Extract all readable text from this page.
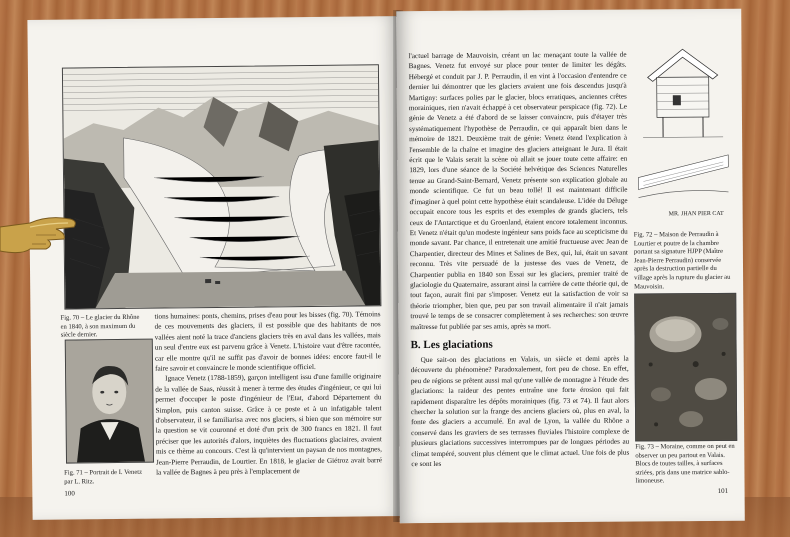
Fig. 70 – Le glacier du Rhône en 1840, à son maximum du siècle dernier.

tions humaines: ponts, chemins, prises d'eau pour les bisses (fig. 70). Témoins de ces mouvements des glaciers, il est possible que des habitants de nos vallées aient noté la trace d'anciens glaciers très en aval dans les vallées, mais un seul d'entre eux est parvenu grâce à Venetz. L'histoire vaut d'être racontée, car elle montre qu'il ne suffit pas d'avoir de bonnes idées: encore faut-il le faire savoir et convaincre le monde scientifique officiel.

Ignace Venetz (1788-1859), garçon intelligent issu d'une famille originaire de la vallée de Saas, réussit à mener à terme des études d'ingénieur, ce qui lui permet d'occuper le poste d'ingénieur de l'Etat, d'abord Département du Simplon, puis canton suisse. Grâce à ce poste et à un infatigable talent d'observateur, il se familiarisa avec nos glaciers, si bien que son mémoire sur la question se vit couronné et doté d'un prix de 300 francs en 1821. Il faut préciser que les autorités d'alors, inquiètes des fluctuations glaciaires, avaient mis ce thème au concours. C'est là qu'intervient un paysan de nos montagnes, Jean-Pierre Perraudin, de Lourtier. En 1818, le glacier de Giétroz avait barré la vallée de Bagnes à peu près à l'emplacement de

Fig. 71 – Portrait de I. Venetz par L. Ritz.

100

l'actuel barrage de Mauvoisin, créant un lac menaçant toute la vallée de Bagnes. Venetz fut envoyé sur place pour tenter de limiter les dégâts. Hébergé et conduit par J. P. Perraudin, il en vint à l'occasion d'entendre ce dernier lui démontrer que les glaciers avaient une fois descendus jusqu'à Martigny: surfaces polies par le glacier, blocs erratiques, anciennes crêtes morainiques, rien n'avait échappé à cet observateur perspicace (fig. 72). Le génie de Venetz a été d'abord de se laisser convaincre, puis d'étayer très systématiquement l'hypothèse de Perraudin, ce qui apparaît bien dans le mémoire de 1821. Deuxième trait de génie: Venetz étend l'explication à l'ensemble de la chaîne et imagine des glaciers atteignant le Jura. Il était écrit que le Valais serait la scène où allait se jouer toute cette affaire: en 1829, lors d'une séance de la Société helvétique des Sciences Naturelles tenue au Grand-Saint-Bernard, Venetz présente son explication globale au monde scientifique. Ce fut un beau tollé! Il est maintenant difficile d'imaginer à quel point cette hypothèse était scandaleuse. L'idée du Déluge occupait encore tous les esprits et des exemples de grands glaciers, tels ceux de l'Antarctique et du Groenland, étaient encore totalement inconnus. Et Venetz n'était qu'un modeste ingénieur sans poids face au scepticisme du monde savant. Par chance, il entretenait une amitié fructueuse avec Jean de Charpentier, directeur des Mines et Salines de Bex, qui, lui, était un savant reconnu. Très vite persuadé de la justesse des vues de Venetz, de Charpentier publia en 1840 son Essai sur les glaciers, premier traité de glaciologie du Quaternaire, assurant ainsi la carrière de cette théorie qui, de tout façon, aurait fini par s'imposer. Venetz eut la satisfaction de voir sa théorie triompher, bien que, peu par son travail alimentaire il n'ait jamais trouvé le temps de se consacrer complètement à ses recherches: son œuvre maîtresse fut publiée par ses amis, après sa mort.

B. Les glaciations

Que sait-on des glaciations en Valais, un siècle et demi après la découverte du phénomène? Paradoxalement, fort peu de chose. En effet, peu de régions se prêtent aussi mal qu'une vallée de montagne à l'étude des glaciations: la raideur des pentes entraîne une forte érosion qui fait rapidement disparaître les dépôts morainiques (fig. 73 et 74). Il faut alors chercher la solution sur la frange des anciens glaciers où, plus en aval, la fonte des glaciers a accumulé. En aval de Lyon, la vallée du Rhône a conservé dans les graviers de ses terrasses fluviales l'histoire complexe de plusieurs glaciations successives interrompues par de longues périodes au climat tempéré, souvent plus clément que le climat actuel. Une fois de plus ce sont les

MR. JHAN PIER CAT

Fig. 72 – Maison de Perraudin à Lourtier et poutre de la chambre portant sa signature HJPP (Maître Jean-Pierre Perraudin) conservée après la destruction partielle du village après la rupture du glacier au Mauvoisin.

Fig. 73 – Moraine, comme on peut en observer un peu partout en Valais. Blocs de toutes tailles, à surfaces striées, pris dans une matrice sablo-limoneuse.

101
